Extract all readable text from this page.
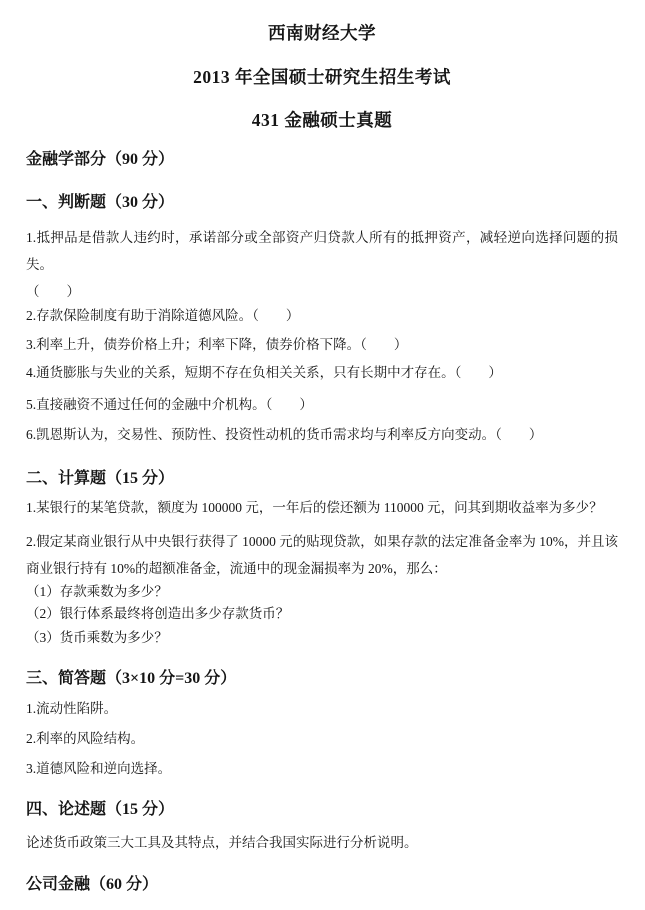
西南财经大学
2013 年全国硕士研究生招生考试
431 金融硕士真题
金融学部分（90 分）
一、判断题（30 分）
1.抵押品是借款人违约时，承诺部分或全部资产归贷款人所有的抵押资产，减轻逆向选择问题的损失。
（　　）
2.存款保险制度有助于消除道德风险。（　　）
3.利率上升，债券价格上升；利率下降，债券价格下降。（　　）
4.通货膨胀与失业的关系，短期不存在负相关关系，只有长期中才存在。（　　）
5.直接融资不通过任何的金融中介机构。（　　）
6.凯恩斯认为，交易性、预防性、投资性动机的货币需求均与利率反方向变动。（　　）
二、计算题（15 分）
1.某银行的某笔贷款，额度为 100000 元，一年后的偿还额为 110000 元，问其到期收益率为多少？
2.假定某商业银行从中央银行获得了 10000 元的贴现贷款，如果存款的法定准备金率为 10%，并且该商业银行持有 10%的超额准备金，流通中的现金漏损率为 20%，那么：
（1）存款乘数为多少？
（2）银行体系最终将创造出多少存款货币？
（3）货币乘数为多少？
三、简答题（3×10 分=30 分）
1.流动性陷阱。
2.利率的风险结构。
3.道德风险和逆向选择。
四、论述题（15 分）
论述货币政策三大工具及其特点，并结合我国实际进行分析说明。
公司金融（60 分）
